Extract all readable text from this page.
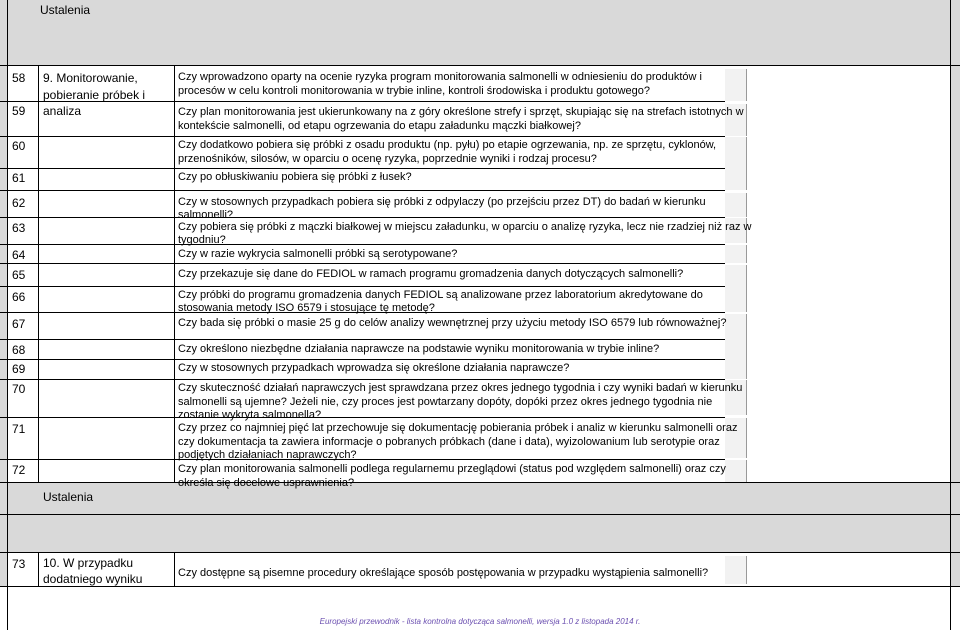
Ustalenia
9. Monitorowanie,
pobieranie próbek i
analiza
58
59
60
61
62
63
64
65
66
67
68
69
70
71
72
Czy wprowadzono oparty na ocenie ryzyka program monitorowania salmonelli w odniesieniu do produktów i
procesów w celu kontroli monitorowania w trybie inline, kontroli środowiska i produktu gotowego?
Czy plan monitorowania jest ukierunkowany na z góry określone strefy i sprzęt, skupiając się na strefach istotnych w
kontekście salmonelli, od etapu ogrzewania do etapu załadunku mączki białkowej?
Czy dodatkowo pobiera się próbki z osadu produktu (np. pyłu) po etapie ogrzewania, np. ze sprzętu, cyklonów,
przenośników, silosów, w oparciu o ocenę ryzyka, poprzednie wyniki i rodzaj procesu?
Czy po obłuskiwaniu pobiera się próbki z łusek?
Czy w stosownych przypadkach pobiera się próbki z odpylaczy (po przejściu przez DT) do badań w kierunku
salmonelli?
Czy pobiera się próbki z mączki białkowej w miejscu załadunku, w oparciu o analizę ryzyka, lecz nie rzadziej niż raz w
tygodniu?
Czy w razie wykrycia salmonelli próbki są serotypowane?
Czy przekazuje się dane do FEDIOL w ramach programu gromadzenia danych dotyczących salmonelli?
Czy próbki do programu gromadzenia danych FEDIOL są analizowane przez laboratorium akredytowane do
stosowania metody ISO 6579 i stosujące tę metodę?
Czy bada się próbki o masie 25 g do celów analizy wewnętrznej przy użyciu metody ISO 6579 lub równoważnej?
Czy określono niezbędne działania naprawcze na podstawie wyniku monitorowania w trybie inline?
Czy w stosownych przypadkach wprowadza się określone działania naprawcze?
Czy skuteczność działań naprawczych jest sprawdzana przez okres jednego tygodnia i czy wyniki badań w kierunku
salmonelli są ujemne? Jeżeli nie, czy proces jest powtarzany dopóty, dopóki przez okres jednego tygodnia nie
zostanie wykryta salmonella?
Czy przez co najmniej pięć lat przechowuje się dokumentację pobierania próbek i analiz w kierunku salmonelli oraz
czy dokumentacja ta zawiera informacje o pobranych próbkach (dane i data), wyizolowanium lub serotypie oraz
podjętych działaniach naprawczych?
Czy plan monitorowania salmonelli podlega regularnemu przeglądowi (status pod względem salmonelli) oraz czy
określa się docelowe usprawnienia?
Ustalenia
73 10. W przypadku
dodatniego wyniku	Czy dostępne są pisemne procedury określające sposób postępowania w przypadku wystąpienia salmonelli?
Europejski przewodnik - lista kontrolna dotycząca salmonelli, wersja 1.0 z listopada 2014 r.
